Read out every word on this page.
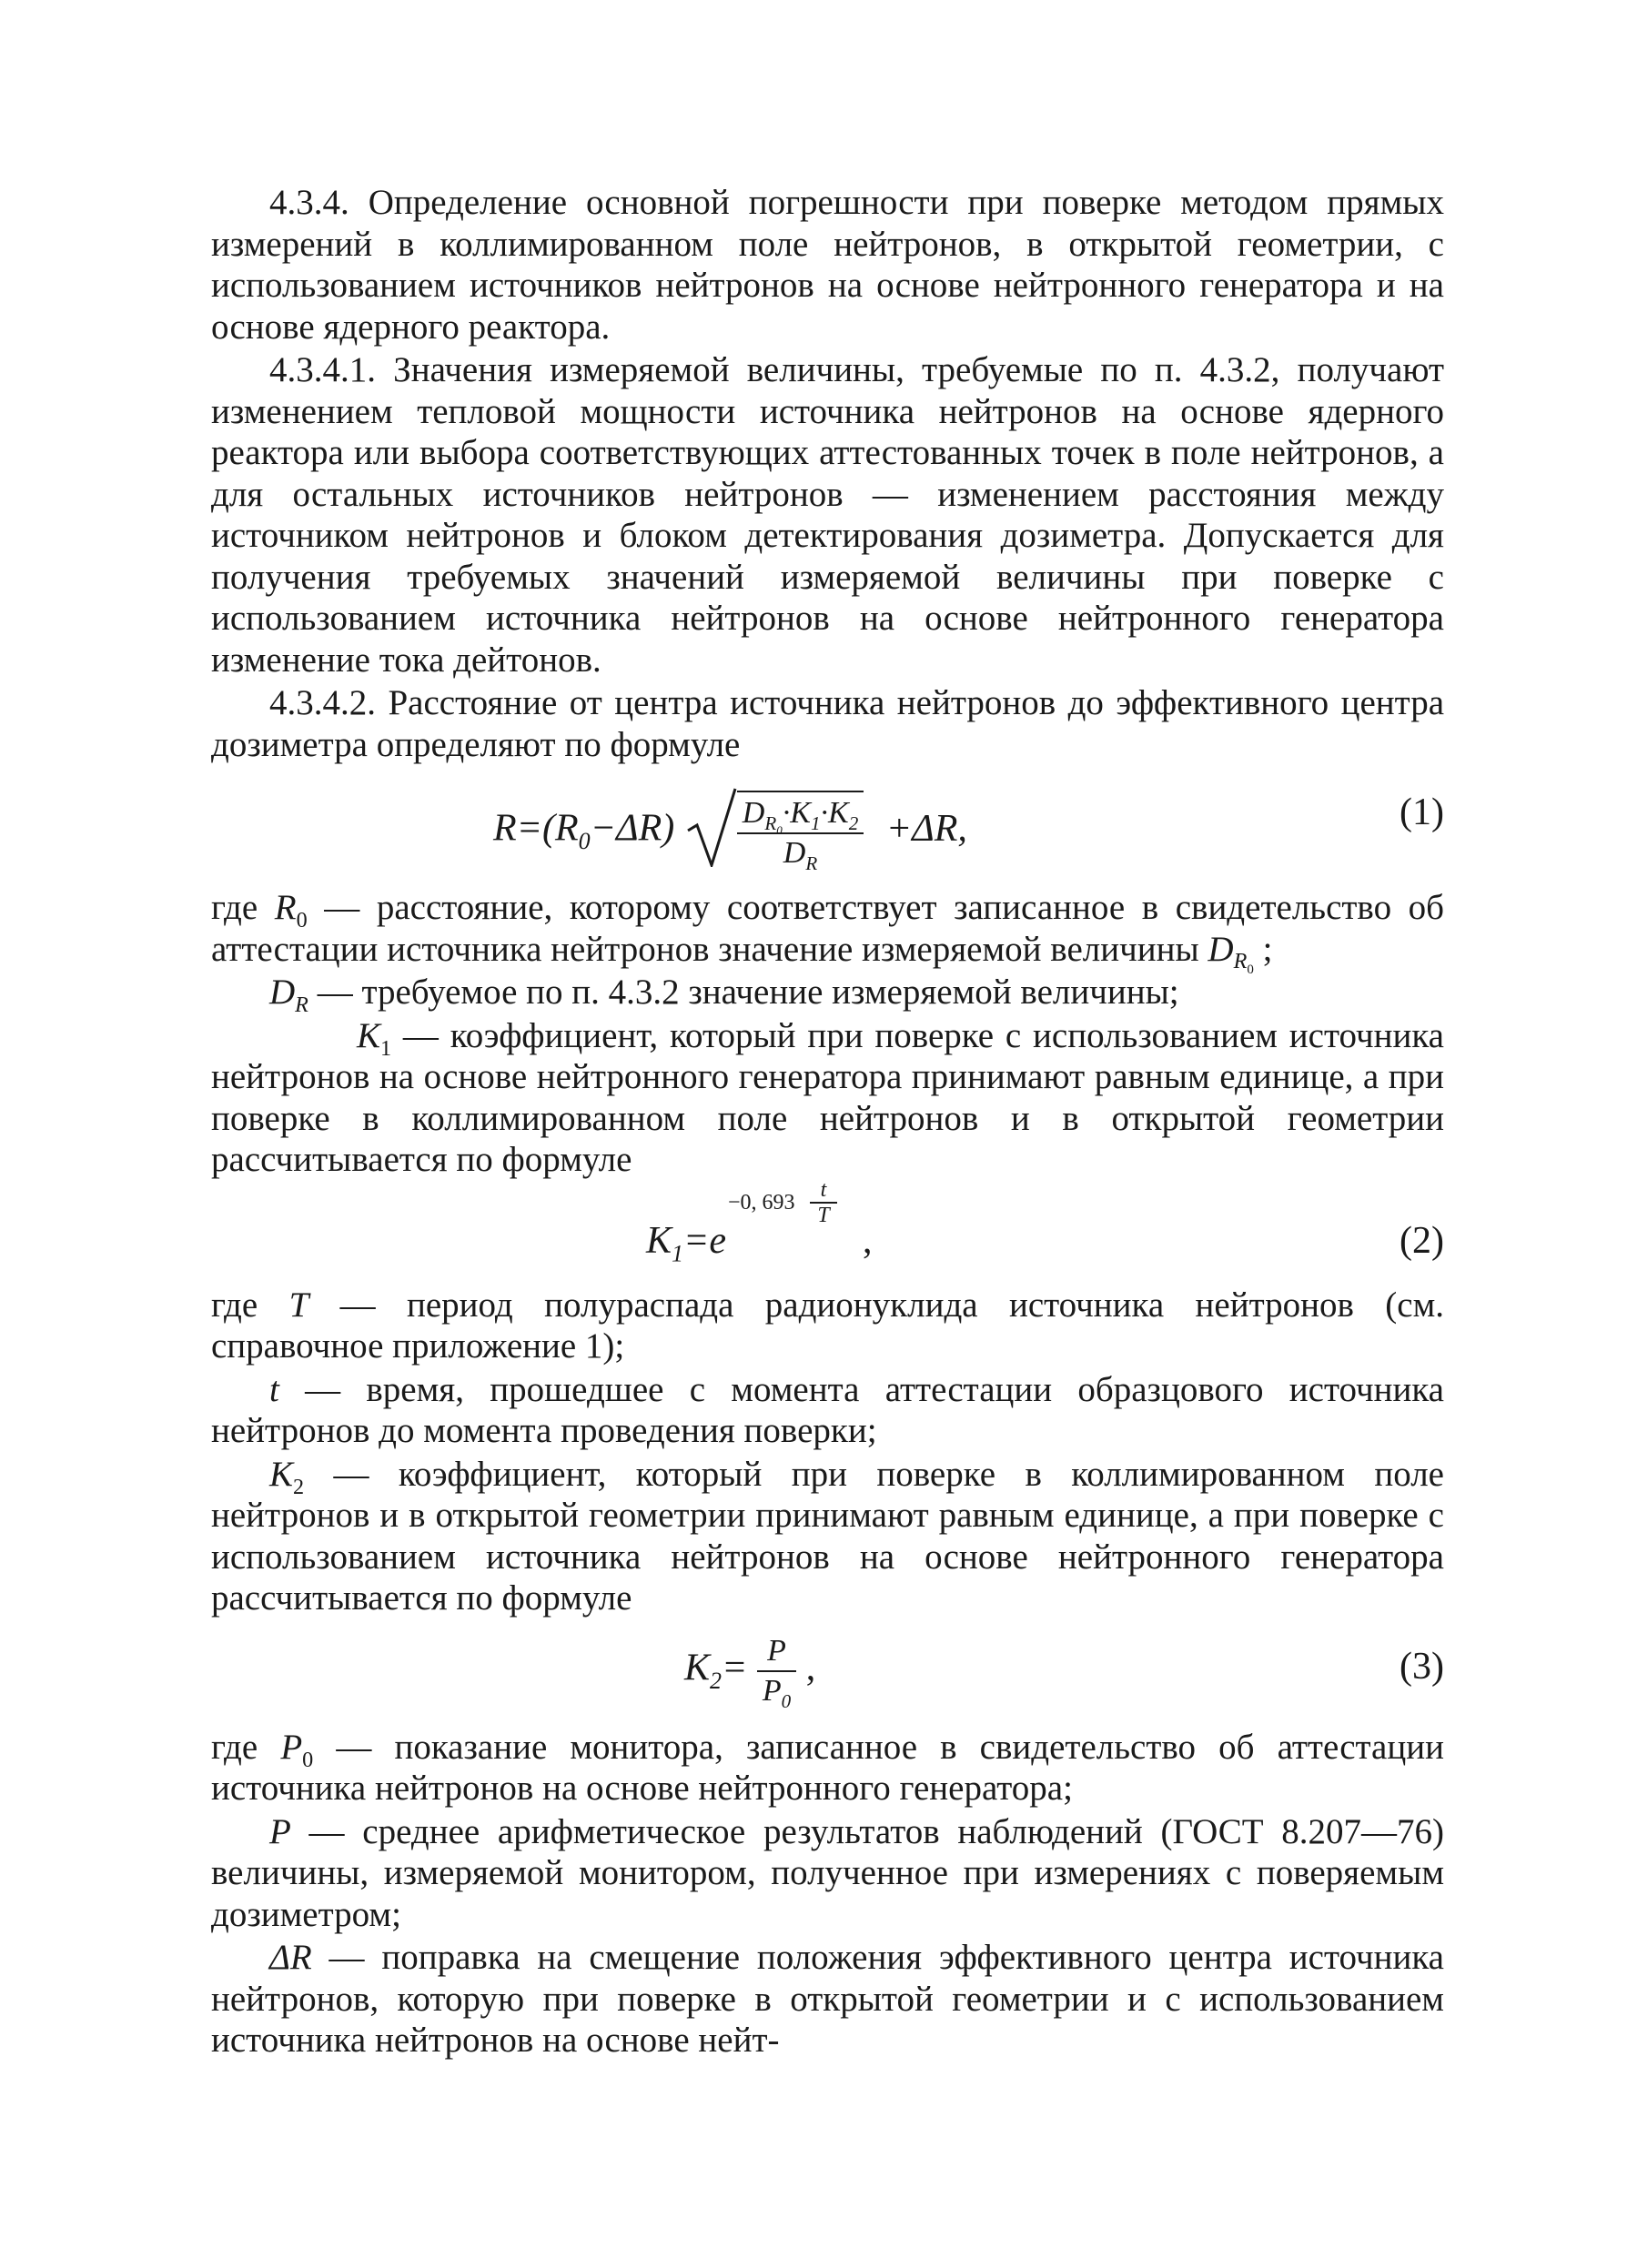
4.3.4. Определение основной погрешности при поверке методом прямых измерений в коллимированном поле нейтронов, в открытой геометрии, с использованием источников нейтронов на основе нейтронного генератора и на основе ядерного реактора.

4.3.4.1. Значения измеряемой величины, требуемые по п. 4.3.2, получают изменением тепловой мощности источника нейтронов на основе ядерного реактора или выбора соответствующих аттестованных точек в поле нейтронов, а для остальных источников нейтронов — изменением расстояния между источником нейтронов и блоком детектирования дозиметра. Допускается для получения требуемых значений измеряемой величины при поверке с использованием источника нейтронов на основе нейтронного генератора изменение тока дейтонов.

4.3.4.2. Расстояние от центра источника нейтронов до эффективного центра дозиметра определяют по формуле

$R=(R_0-\Delta R) \frac{D_{R_0}\cdot K_1\cdot K_2}{D_R} +\Delta R$,	(1)

где $R_0$ — расстояние, которому соответствует записанное в свидетельство об аттестации источника нейтронов значение измеряемой величины $D_{R_0}$ ;

$D_R$ — требуемое по п. 4.3.2 значение измеряемой величины;

$K_1$ — коэффициент, который при поверке с использованием источника нейтронов на основе нейтронного генератора принимают равным единице, а при поверке в коллимированном поле нейтронов и в открытой геометрии рассчитывается по формуле

$K_1=e$
−0, $693 \frac{t}{T}$
,	(2)

где T — период полураспада радионуклида источника нейтронов (см. справочное приложение 1);

t — время, прошедшее с момента аттестации образцового источника нейтронов до момента проведения поверки;

$K_2$ — коэффициент, который при поверке в коллимированном поле нейтронов и в открытой геометрии принимают равным единице, а при поверке с использованием источника нейтронов на основе нейтронного генератора рассчитывается по формуле

$K_2= \frac{P}{P_0}$ ,	(3)

где $P_0$ — показание монитора, записанное в свидетельство об аттестации источника нейтронов на основе нейтронного генератора;

P — среднее арифметическое результатов наблюдений (ГОСТ 8.207—76) величины, измеряемой монитором, полученное при измерениях с поверяемым дозиметром;

ΔR — поправка на смещение положения эффективного центра источника нейтронов, которую при поверке в открытой геометрии и с использованием источника нейтронов на основе нейт-
